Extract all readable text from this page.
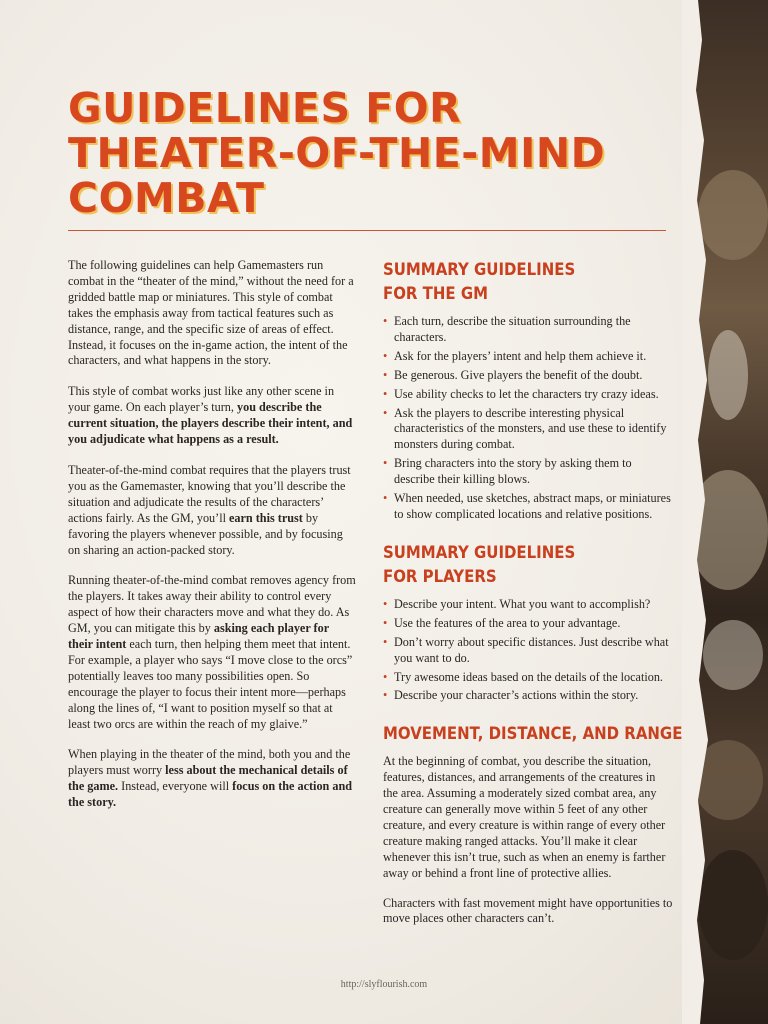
GUIDELINES FOR
THEATER-OF-THE-MIND
COMBAT

The following guidelines can help Gamemasters run combat in the “theater of the mind,” without the need for a gridded battle map or miniatures. This style of combat takes the emphasis away from tactical features such as distance, range, and the specific size of areas of effect. Instead, it focuses on the in-game action, the intent of the characters, and what happens in the story.

This style of combat works just like any other scene in your game. On each player’s turn, you describe the current situation, the players describe their intent, and you adjudicate what happens as a result.

Theater-of-the-mind combat requires that the players trust you as the Gamemaster, knowing that you’ll describe the situation and adjudicate the results of the characters’ actions fairly. As the GM, you’ll earn this trust by favoring the players whenever possible, and by focusing on sharing an action-packed story.

Running theater-of-the-mind combat removes agency from the players. It takes away their ability to control every aspect of how their characters move and what they do. As GM, you can mitigate this by asking each player for their intent each turn, then helping them meet that intent. For example, a player who says “I move close to the orcs” potentially leaves too many possibilities open. So encourage the player to focus their intent more—perhaps along the lines of, “I want to position myself so that at least two orcs are within the reach of my glaive.”

When playing in the theater of the mind, both you and the players must worry less about the mechanical details of the game. Instead, everyone will focus on the action and the story.

SUMMARY GUIDELINES
FOR THE GM
• Each turn, describe the situation surrounding the characters.
• Ask for the players’ intent and help them achieve it.
• Be generous. Give players the benefit of the doubt.
• Use ability checks to let the characters try crazy ideas.
• Ask the players to describe interesting physical characteristics of the monsters, and use these to identify monsters during combat.
• Bring characters into the story by asking them to describe their killing blows.
• When needed, use sketches, abstract maps, or miniatures to show complicated locations and relative positions.
SUMMARY GUIDELINES
FOR PLAYERS
• Describe your intent. What you want to accomplish?
• Use the features of the area to your advantage.
• Don’t worry about specific distances. Just describe what you want to do.
• Try awesome ideas based on the details of the location.
• Describe your character’s actions within the story.
MOVEMENT, DISTANCE, AND RANGE

At the beginning of combat, you describe the situation, features, distances, and arrangements of the creatures in the area. Assuming a moderately sized combat area, any creature can generally move within 5 feet of any other creature, and every creature is within range of every other creature making ranged attacks. You’ll make it clear whenever this isn’t true, such as when an enemy is farther away or behind a front line of protective allies.

Characters with fast movement might have opportunities to move places other characters can’t.

http://slyflourish.com
